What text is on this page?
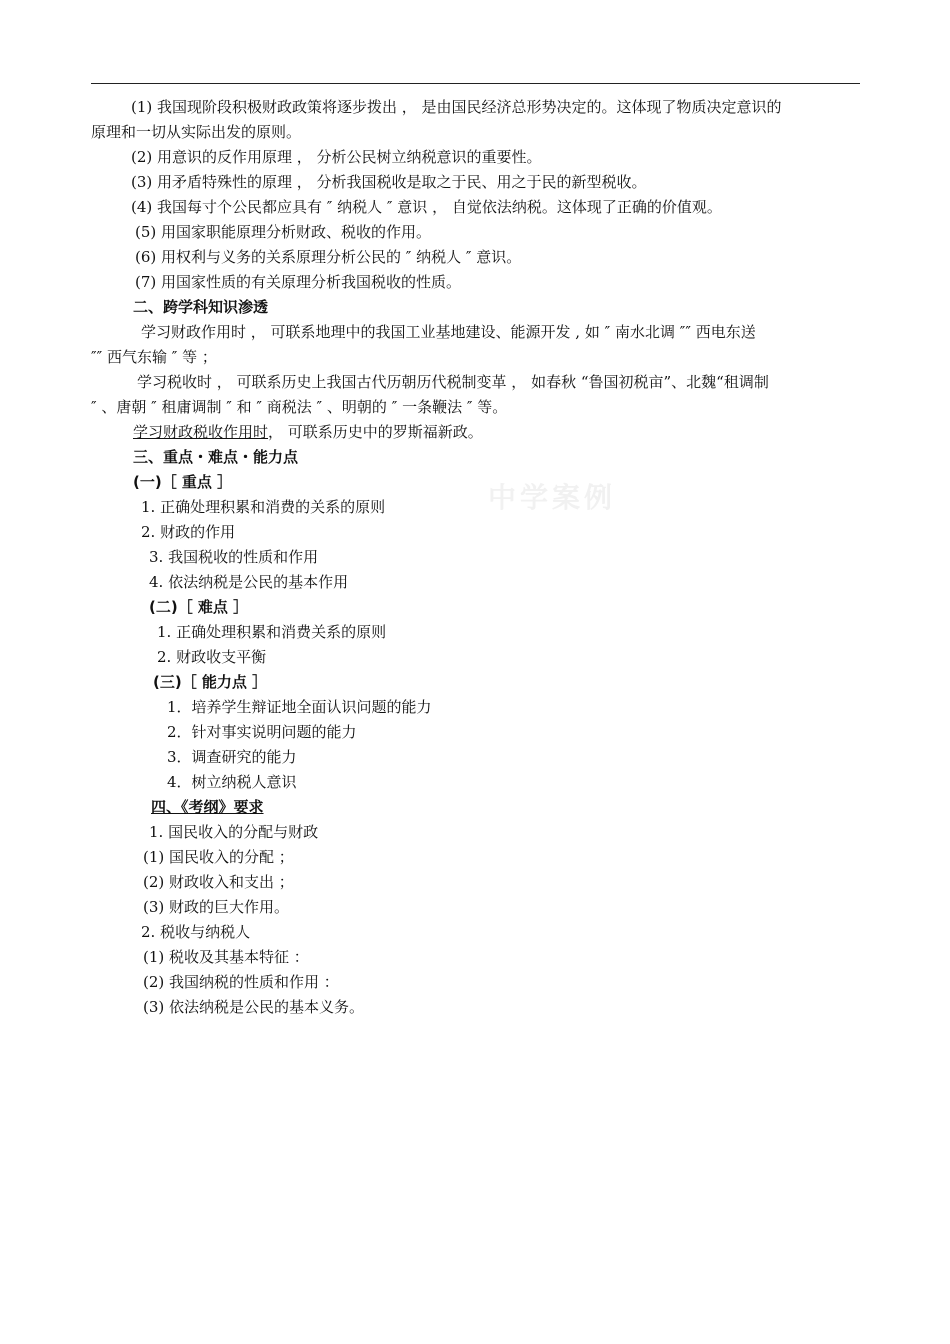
中学案例
(1) 我国现阶段积极财政政策将逐步拨出 ， 是由国民经济总形势决定的。这体现了物质决定意识的
原理和一切从实际出发的原则。
(2) 用意识的反作用原理 ， 分析公民树立纳税意识的重要性。
(3) 用矛盾特殊性的原理 ， 分析我国税收是取之于民、用之于民的新型税收。
(4) 我国每寸个公民都应具有 ″ 纳税人 ″ 意识 ， 自觉依法纳税。这体现了正确的价值观。
(5) 用国家职能原理分析财政、税收的作用。
(6) 用权利与义务的关系原理分析公民的 ″ 纳税人 ″ 意识。
(7) 用国家性质的有关原理分析我国税收的性质。
二、跨学科知识渗透
学习财政作用时 ， 可联系地理中的我国工业基地建设、能源开发 , 如 ″ 南水北调 ″″ 西电东送
″″ 西气东输 ″ 等 ；
学习税收时 ， 可联系历史上我国古代历朝历代税制变革 ， 如春秋 “鲁国初税亩”、北魏“租调制
″ 、唐朝 ″ 租庸调制 ″ 和 ″ 商税法 ″ 、明朝的 ″ 一条鞭法 ″ 等。
学习财政税收作用时， 可联系历史中的罗斯福新政。
三、重点・难点・能力点
(一)［ 重点 ］
1. 正确处理积累和消费的关系的原则
2. 财政的作用
3. 我国税收的性质和作用
4. 依法纳税是公民的基本作用
(二)［ 难点 ］
1. 正确处理积累和消费关系的原则
2. 财政收支平衡
(三)［ 能力点 ］
1．培养学生辩证地全面认识问题的能力
2．针对事实说明问题的能力
3．调查研究的能力
4．树立纳税人意识
四、《考纲》要求
1. 国民收入的分配与财政
(1) 国民收入的分配 ；
(2) 财政收入和支出 ；
(3) 财政的巨大作用。
2. 税收与纳税人
(1) 税收及其基本特征 ：
(2) 我国纳税的性质和作用 ：
(3) 依法纳税是公民的基本义务。
